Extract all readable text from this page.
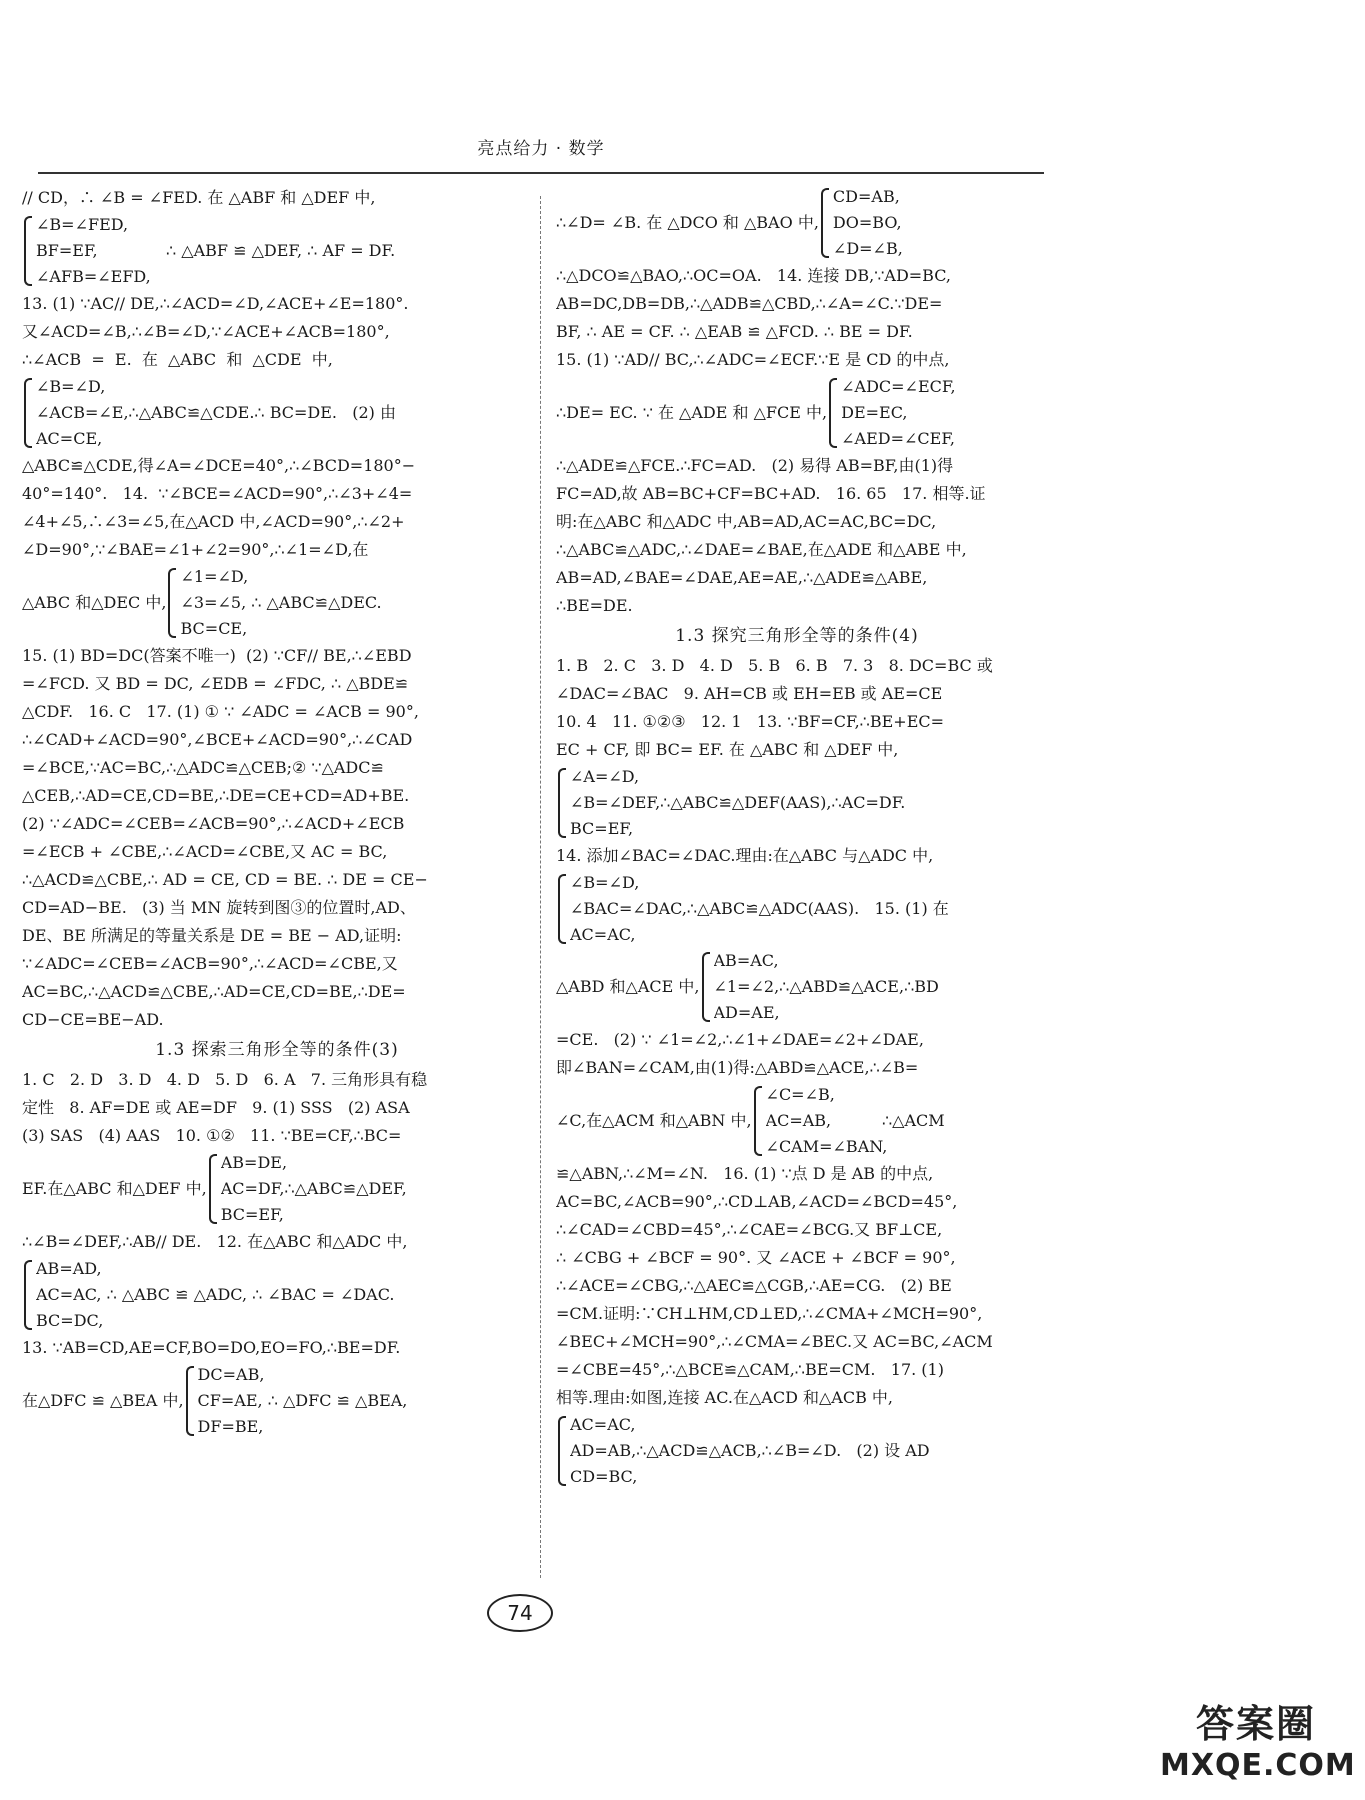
亮点给力 · 数学
// CD，∴ ∠B = ∠FED. 在 △ABF 和 △DEF 中,
∠B=∠FED,
BF=EF,
∠AFB=∠EFD,
∴ △ABF ≌ △DEF, ∴ AF = DF.
13. (1) ∵AC// DE,∴∠ACD=∠D,∠ACE+∠E=180°.
又∠ACD=∠B,∴∠B=∠D,∵∠ACE+∠ACB=180°,
∴∠ACB  =  E.  在  △ABC  和  △CDE  中,
∠B=∠D,
∠ACB=∠E,∴△ABC≌△CDE.∴ BC=DE.   (2) 由
AC=CE,
△ABC≌△CDE,得∠A=∠DCE=40°,∴∠BCD=180°−
40°=140°.   14.  ∵∠BCE=∠ACD=90°,∴∠3+∠4=
∠4+∠5,∴∠3=∠5,在△ACD 中,∠ACD=90°,∴∠2+
∠D=90°,∵∠BAE=∠1+∠2=90°,∴∠1=∠D,在
△ABC 和△DEC 中,
∠1=∠D,
∠3=∠5, ∴ △ABC≌△DEC.
BC=CE,
15. (1) BD=DC(答案不唯一)  (2) ∵CF// BE,∴∠EBD
=∠FCD. 又 BD = DC, ∠EDB = ∠FDC, ∴ △BDE≌
△CDF.   16. C   17. (1) ① ∵ ∠ADC = ∠ACB = 90°,
∴∠CAD+∠ACD=90°,∠BCE+∠ACD=90°,∴∠CAD
=∠BCE,∵AC=BC,∴△ADC≌△CEB;② ∵△ADC≌
△CEB,∴AD=CE,CD=BE,∴DE=CE+CD=AD+BE.
(2) ∵∠ADC=∠CEB=∠ACB=90°,∴∠ACD+∠ECB
=∠ECB + ∠CBE,∴∠ACD=∠CBE,又 AC = BC,
∴△ACD≌△CBE,∴ AD = CE, CD = BE. ∴ DE = CE−
CD=AD−BE.   (3) 当 MN 旋转到图③的位置时,AD、
DE、BE 所满足的等量关系是 DE = BE − AD,证明:
∵∠ADC=∠CEB=∠ACB=90°,∴∠ACD=∠CBE,又
AC=BC,∴△ACD≌△CBE,∴AD=CE,CD=BE,∴DE=
CD−CE=BE−AD.
1.3 探索三角形全等的条件(3)
1. C   2. D   3. D   4. D   5. D   6. A   7. 三角形具有稳
定性   8. AF=DE 或 AE=DF   9. (1) SSS   (2) ASA
(3) SAS   (4) AAS   10. ①②   11. ∵BE=CF,∴BC=
EF.在△ABC 和△DEF 中,
AB=DE,
AC=DF,∴△ABC≌△DEF,
BC=EF,
∴∠B=∠DEF,∴AB// DE.   12. 在△ABC 和△ADC 中,
AB=AD,
AC=AC, ∴ △ABC ≌ △ADC, ∴ ∠BAC = ∠DAC.
BC=DC,
13. ∵AB=CD,AE=CF,BO=DO,EO=FO,∴BE=DF.
在△DFC ≌ △BEA 中,
DC=AB,
CF=AE, ∴ △DFC ≌ △BEA,
DF=BE,
∴∠D= ∠B. 在 △DCO 和 △BAO 中,
CD=AB,
DO=BO,
∠D=∠B,
∴△DCO≌△BAO,∴OC=OA.   14. 连接 DB,∵AD=BC,
AB=DC,DB=DB,∴△ADB≌△CBD,∴∠A=∠C.∵DE=
BF, ∴ AE = CF. ∴ △EAB ≌ △FCD. ∴ BE = DF.
15. (1) ∵AD// BC,∴∠ADC=∠ECF.∵E 是 CD 的中点,
∴DE= EC. ∵ 在 △ADE 和 △FCE 中,
∠ADC=∠ECF,
DE=EC,
∠AED=∠CEF,
∴△ADE≌△FCE.∴FC=AD.   (2) 易得 AB=BF,由(1)得
FC=AD,故 AB=BC+CF=BC+AD.   16. 65   17. 相等.证
明:在△ABC 和△ADC 中,AB=AD,AC=AC,BC=DC,
∴△ABC≌△ADC,∴∠DAE=∠BAE,在△ADE 和△ABE 中,
AB=AD,∠BAE=∠DAE,AE=AE,∴△ADE≌△ABE,
∴BE=DE.
1.3 探究三角形全等的条件(4)
1. B   2. C   3. D   4. D   5. B   6. B   7. 3   8. DC=BC 或
∠DAC=∠BAC   9. AH=CB 或 EH=EB 或 AE=CE
10. 4   11. ①②③   12. 1   13. ∵BF=CF,∴BE+EC=
EC + CF, 即 BC= EF. 在 △ABC 和 △DEF 中,
∠A=∠D,
∠B=∠DEF,∴△ABC≌△DEF(AAS),∴AC=DF.
BC=EF,
14. 添加∠BAC=∠DAC.理由:在△ABC 与△ADC 中,
∠B=∠D,
∠BAC=∠DAC,∴△ABC≌△ADC(AAS).   15. (1) 在
AC=AC,
△ABD 和△ACE 中,
AB=AC,
∠1=∠2,∴△ABD≌△ACE,∴BD
AD=AE,
=CE.   (2) ∵ ∠1=∠2,∴∠1+∠DAE=∠2+∠DAE,
即∠BAN=∠CAM,由(1)得:△ABD≌△ACE,∴∠B=
∠C,在△ACM 和△ABN 中,
∠C=∠B,
AC=AB,          ∴△ACM
∠CAM=∠BAN,
≌△ABN,∴∠M=∠N.   16. (1) ∵点 D 是 AB 的中点,
AC=BC,∠ACB=90°,∴CD⊥AB,∠ACD=∠BCD=45°,
∴∠CAD=∠CBD=45°,∴∠CAE=∠BCG.又 BF⊥CE,
∴ ∠CBG + ∠BCF = 90°. 又 ∠ACE + ∠BCF = 90°,
∴∠ACE=∠CBG,∴△AEC≌△CGB,∴AE=CG.   (2) BE
=CM.证明:∵CH⊥HM,CD⊥ED,∴∠CMA+∠MCH=90°,
∠BEC+∠MCH=90°,∴∠CMA=∠BEC.又 AC=BC,∠ACM
=∠CBE=45°,∴△BCE≌△CAM,∴BE=CM.   17. (1)
相等.理由:如图,连接 AC.在△ACD 和△ACB 中,
AC=AC,
AD=AB,∴△ACD≌△ACB,∴∠B=∠D.   (2) 设 AD
CD=BC,
74
答案圈
MXQE.COM
